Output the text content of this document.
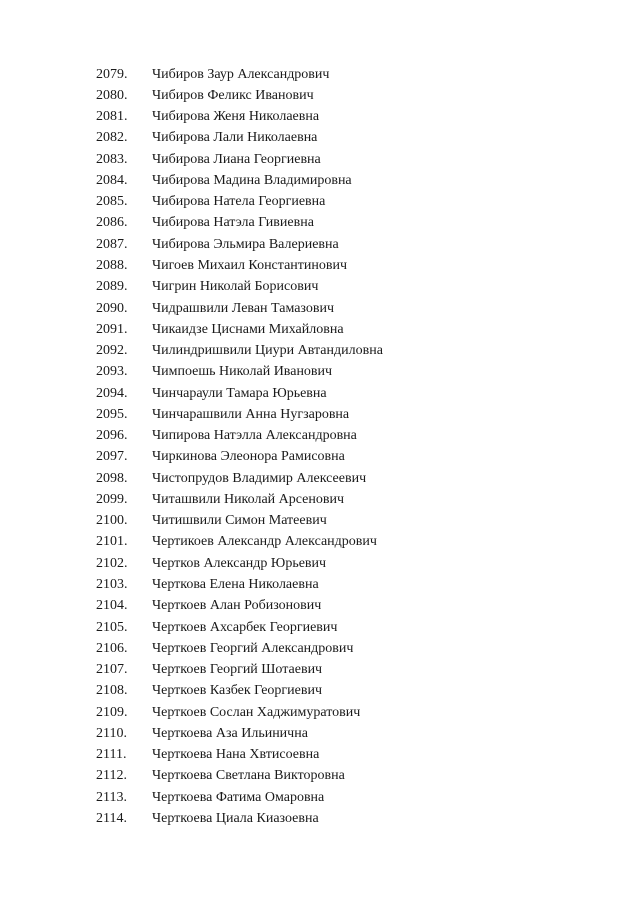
2079.	Чибиров Заур Александрович
2080.	Чибиров Феликс Иванович
2081.	Чибирова Женя Николаевна
2082.	Чибирова Лали Николаевна
2083.	Чибирова Лиана Георгиевна
2084.	Чибирова Мадина Владимировна
2085.	Чибирова Натела Георгиевна
2086.	Чибирова Натэла Гивиевна
2087.	Чибирова Эльмира Валериевна
2088.	Чигоев Михаил Константинович
2089.	Чигрин Николай Борисович
2090.	Чидрашвили Леван Тамазович
2091.	Чикаидзе Циснами Михайловна
2092.	Чилиндришвили Циури Автандиловна
2093.	Чимпоешь Николай Иванович
2094.	Чинчараули Тамара Юрьевна
2095.	Чинчарашвили Анна Нугзаровна
2096.	Чипирова Натэлла Александровна
2097.	Чиркинова Элеонора Рамисовна
2098.	Чистопрудов Владимир Алексеевич
2099.	Читашвили Николай Арсенович
2100.	Читишвили Симон Матеевич
2101.	Чертикоев Александр Александрович
2102.	Чертков Александр Юрьевич
2103.	Черткова Елена Николаевна
2104.	Черткоев Алан Робизонович
2105.	Черткоев Ахсарбек Георгиевич
2106.	Черткоев Георгий Александрович
2107.	Черткоев Георгий Шотаевич
2108.	Черткоев Казбек Георгиевич
2109.	Черткоев Сослан Хаджимуратович
2110.	Черткоева Аза Ильинична
2111.	Черткоева Нана Хвтисоевна
2112.	Черткоева Светлана Викторовна
2113.	Черткоева Фатима Омаровна
2114.	Черткоева Циала Киазоевна
